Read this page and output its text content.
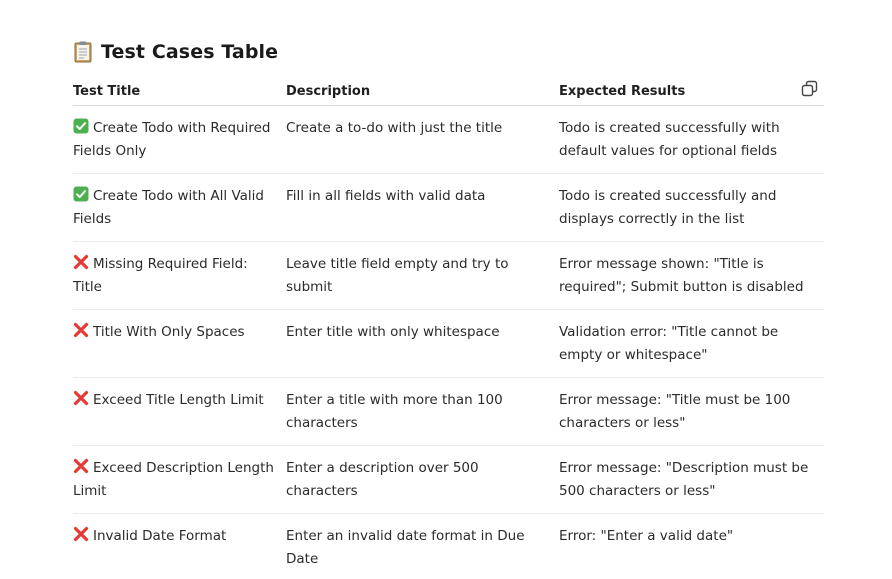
Test Cases Table
Test Title	Description	Expected Results
Create Todo with Required Fields Only	Create a to-do with just the title	Todo is created successfully with default values for optional fields
Create Todo with All Valid Fields	Fill in all fields with valid data	Todo is created successfully and displays correctly in the list
Missing Required Field: Title	Leave title field empty and try to submit	Error message shown: "Title is required"; Submit button is disabled
Title With Only Spaces	Enter title with only whitespace	Validation error: "Title cannot be empty or whitespace"
Exceed Title Length Limit	Enter a title with more than 100 characters	Error message: "Title must be 100 characters or less"
Exceed Description Length Limit	Enter a description over 500 characters	Error message: "Description must be 500 characters or less"
Invalid Date Format	Enter an invalid date format in Due Date	Error: "Enter a valid date"
